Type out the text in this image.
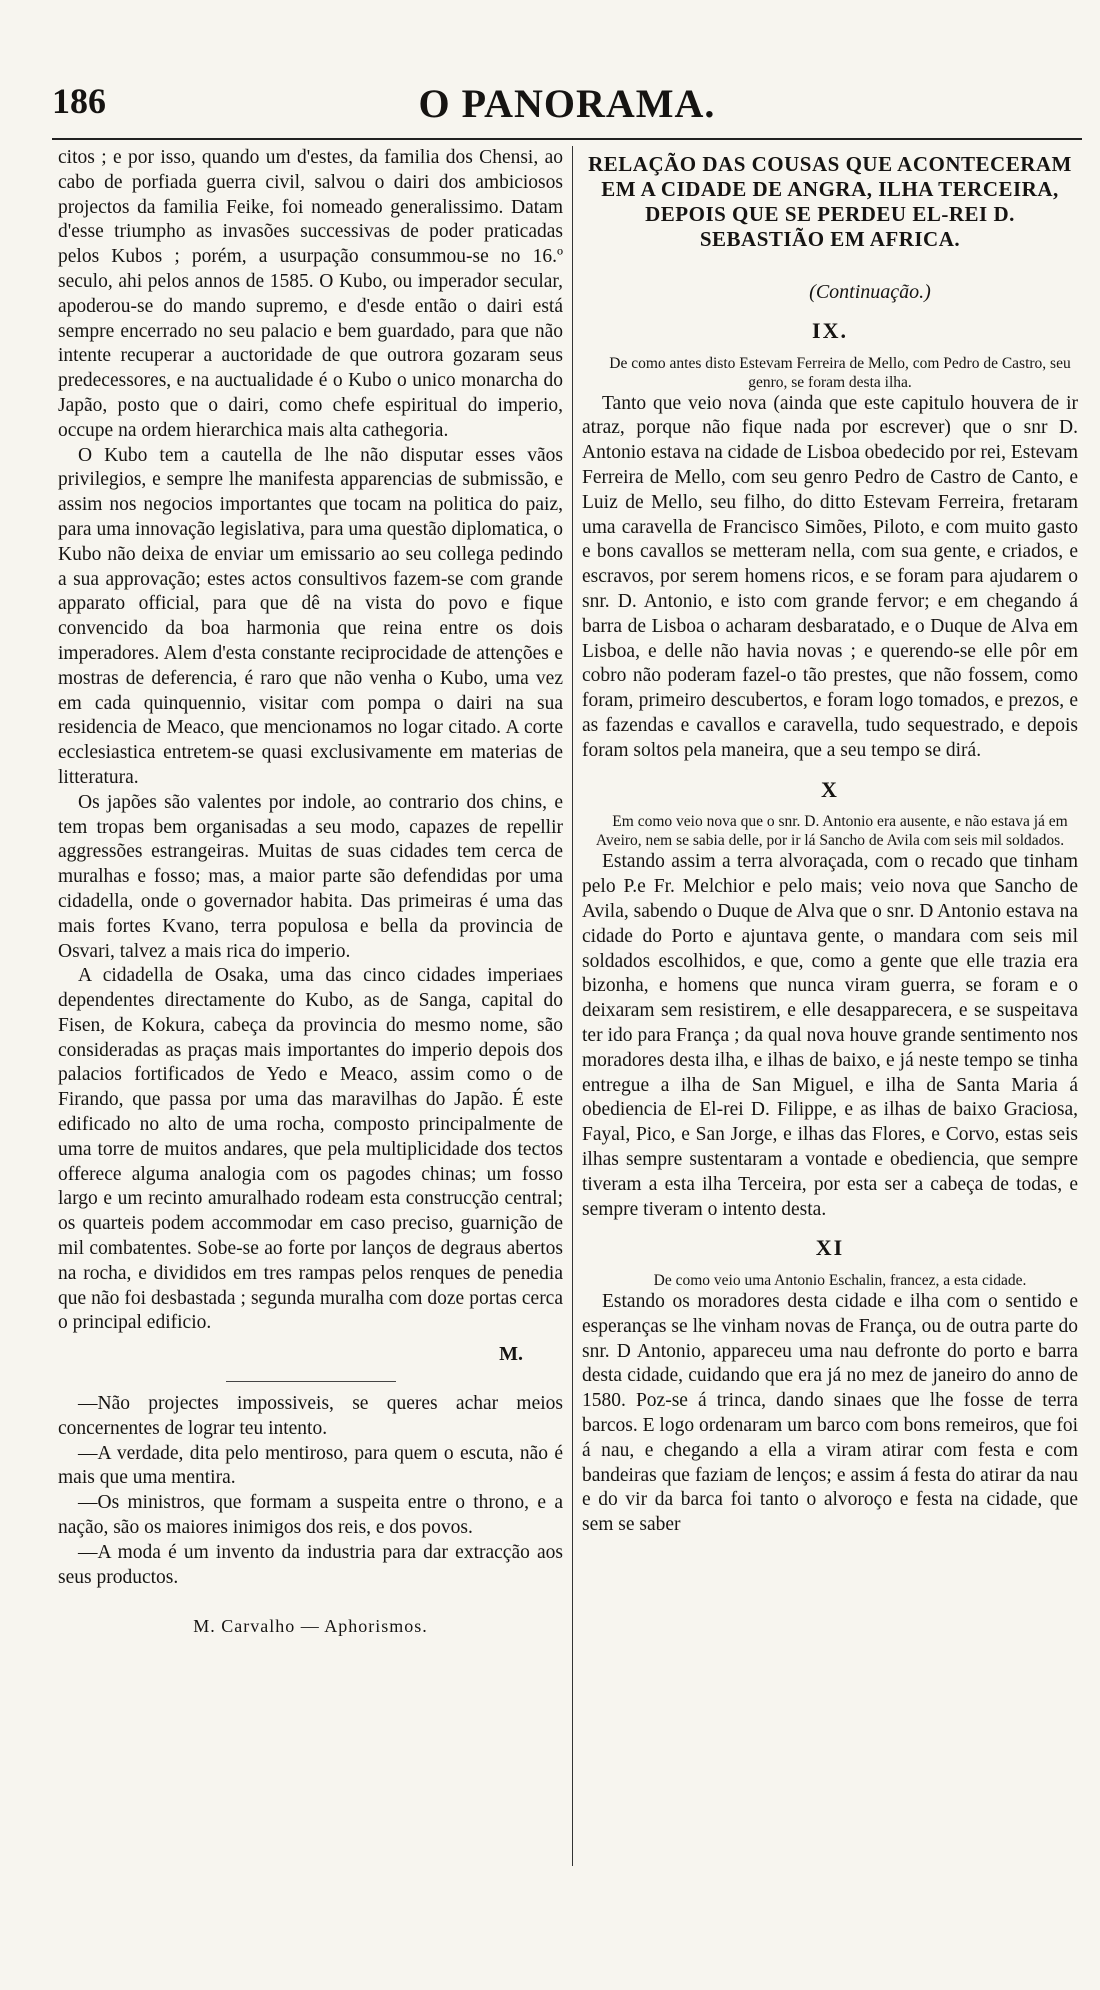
O PANORAMA.
186

citos ; e por isso, quando um d'estes, da familia dos Chensi, ao cabo de porfiada guerra civil, salvou o dairi dos ambiciosos projectos da familia Feike, foi nomeado generalissimo. Datam d'esse triumpho as invasões successivas de poder praticadas pelos Kubos ; porém, a usurpação consummou-se no 16.º seculo, ahi pelos annos de 1585. O Kubo, ou imperador secular, apoderou-se do mando supremo, e d'esde então o dairi está sempre encerrado no seu palacio e bem guardado, para que não intente recuperar a auctoridade de que outrora gozaram seus predecessores, e na auctualidade é o Kubo o unico monarcha do Japão, posto que o dairi, como chefe espiritual do imperio, occupe na ordem hierarchica mais alta cathegoria.

O Kubo tem a cautella de lhe não disputar esses vãos privilegios, e sempre lhe manifesta apparencias de submissão, e assim nos negocios importantes que tocam na politica do paiz, para uma innovação legislativa, para uma questão diplomatica, o Kubo não deixa de enviar um emissario ao seu collega pedindo a sua approvação; estes actos consultivos fazem-se com grande apparato official, para que dê na vista do povo e fique convencido da boa harmonia que reina entre os dois imperadores. Alem d'esta constante reciprocidade de attenções e mostras de deferencia, é raro que não venha o Kubo, uma vez em cada quinquennio, visitar com pompa o dairi na sua residencia de Meaco, que mencionamos no logar citado. A corte ecclesiastica entretem-se quasi exclusivamente em materias de litteratura.

Os japões são valentes por indole, ao contrario dos chins, e tem tropas bem organisadas a seu modo, capazes de repellir aggressões estrangeiras. Muitas de suas cidades tem cerca de muralhas e fosso; mas, a maior parte são defendidas por uma cidadella, onde o governador habita. Das primeiras é uma das mais fortes Kvano, terra populosa e bella da provincia de Osvari, talvez a mais rica do imperio.

A cidadella de Osaka, uma das cinco cidades imperiaes dependentes directamente do Kubo, as de Sanga, capital do Fisen, de Kokura, cabeça da provincia do mesmo nome, são consideradas as praças mais importantes do imperio depois dos palacios fortificados de Yedo e Meaco, assim como o de Firando, que passa por uma das maravilhas do Japão. É este edificado no alto de uma rocha, composto principalmente de uma torre de muitos andares, que pela multiplicidade dos tectos offerece alguma analogia com os pagodes chinas; um fosso largo e um recinto amuralhado rodeam esta construcção central; os quarteis podem accommodar em caso preciso, guarnição de mil combatentes. Sobe-se ao forte por lanços de degraus abertos na rocha, e divididos em tres rampas pelos renques de penedia que não foi desbastada ; segunda muralha com doze portas cerca o principal edificio.

M.

—Não projectes impossiveis, se queres achar meios concernentes de lograr teu intento.

—A verdade, dita pelo mentiroso, para quem o escuta, não é mais que uma mentira.

—Os ministros, que formam a suspeita entre o throno, e a nação, são os maiores inimigos dos reis, e dos povos.

—A moda é um invento da industria para dar extracção aos seus productos.

M. Carvalho — Aphorismos.
RELAÇÃO DAS COUSAS QUE ACONTECERAM EM A CIDADE DE ANGRA, ILHA TERCEIRA, DEPOIS QUE SE PERDEU EL-REI D. SEBASTIÃO EM AFRICA.
(Continuação.)
IX.

De como antes disto Estevam Ferreira de Mello, com Pedro de Castro, seu genro, se foram desta ilha.

Tanto que veio nova (ainda que este capitulo houvera de ir atraz, porque não fique nada por escrever) que o snr D. Antonio estava na cidade de Lisboa obedecido por rei, Estevam Ferreira de Mello, com seu genro Pedro de Castro de Canto, e Luiz de Mello, seu filho, do ditto Estevam Ferreira, fretaram uma caravella de Francisco Simões, Piloto, e com muito gasto e bons cavallos se metteram nella, com sua gente, e criados, e escravos, por serem homens ricos, e se foram para ajudarem o snr. D. Antonio, e isto com grande fervor; e em chegando á barra de Lisboa o acharam desbaratado, e o Duque de Alva em Lisboa, e delle não havia novas ; e querendo-se elle pôr em cobro não poderam fazel-o tão prestes, que não fossem, como foram, primeiro descubertos, e foram logo tomados, e prezos, e as fazendas e cavallos e caravella, tudo sequestrado, e depois foram soltos pela maneira, que a seu tempo se dirá.

X

Em como veio nova que o snr. D. Antonio era ausente, e não estava já em Aveiro, nem se sabia delle, por ir lá Sancho de Avila com seis mil soldados.

Estando assim a terra alvoraçada, com o recado que tinham pelo P.e Fr. Melchior e pelo mais; veio nova que Sancho de Avila, sabendo o Duque de Alva que o snr. D Antonio estava na cidade do Porto e ajuntava gente, o mandara com seis mil soldados escolhidos, e que, como a gente que elle trazia era bizonha, e homens que nunca viram guerra, se foram e o deixaram sem resistirem, e elle desapparecera, e se suspeitava ter ido para França ; da qual nova houve grande sentimento nos moradores desta ilha, e ilhas de baixo, e já neste tempo se tinha entregue a ilha de San Miguel, e ilha de Santa Maria á obediencia de El-rei D. Filippe, e as ilhas de baixo Graciosa, Fayal, Pico, e San Jorge, e ilhas das Flores, e Corvo, estas seis ilhas sempre sustentaram a vontade e obediencia, que sempre tiveram a esta ilha Terceira, por esta ser a cabeça de todas, e sempre tiveram o intento desta.

XI

De como veio uma Antonio Eschalin, francez, a esta cidade.

Estando os moradores desta cidade e ilha com o sentido e esperanças se lhe vinham novas de França, ou de outra parte do snr. D Antonio, appareceu uma nau defronte do porto e barra desta cidade, cuidando que era já no mez de janeiro do anno de 1580. Poz-se á trinca, dando sinaes que lhe fosse de terra barcos. E logo ordenaram um barco com bons remeiros, que foi á nau, e chegando a ella a viram atirar com festa e com bandeiras que faziam de lenços; e assim á festa do atirar da nau e do vir da barca foi tanto o alvoroço e festa na cidade, que sem se saber
